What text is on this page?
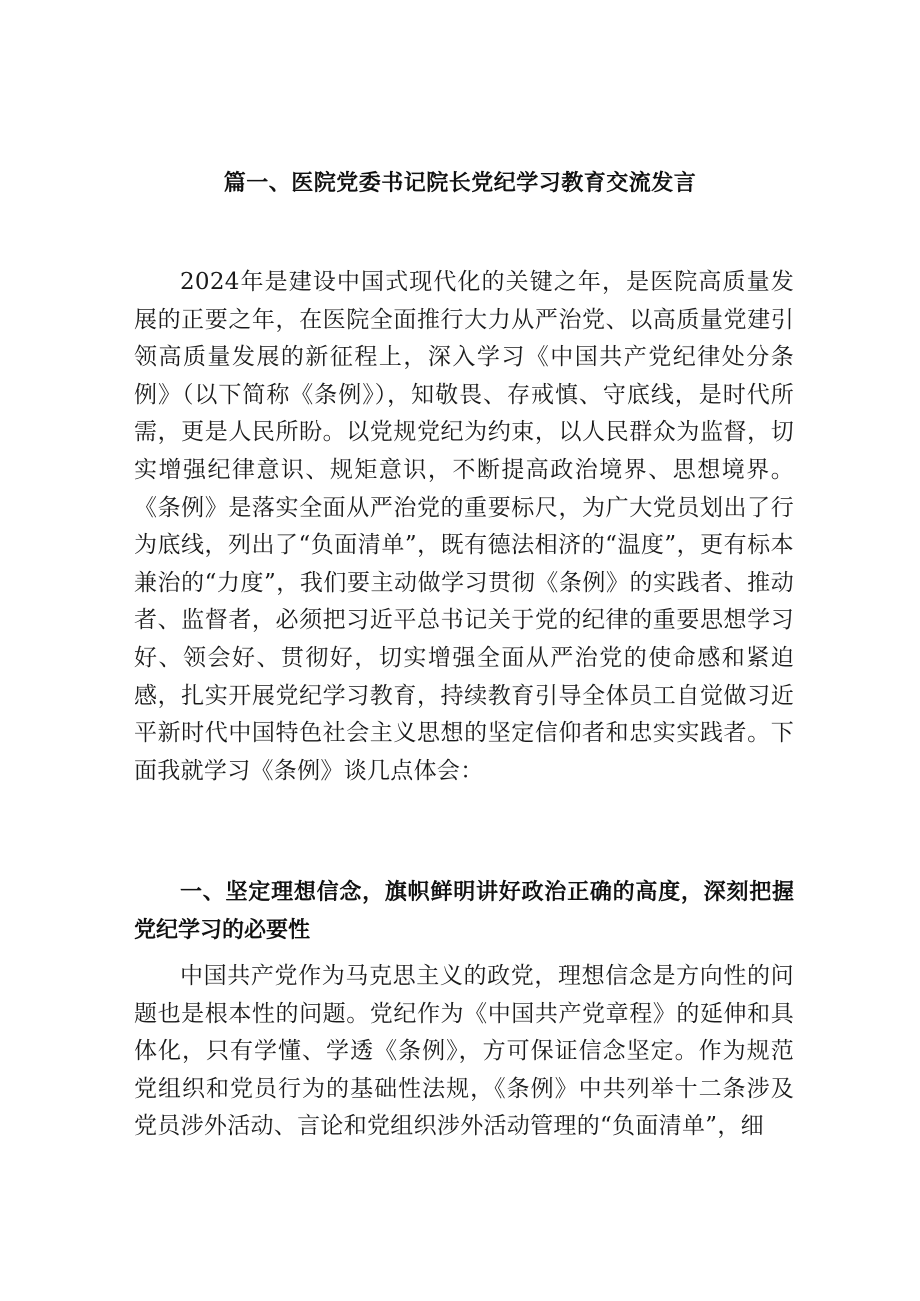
篇一、医院党委书记院长党纪学习教育交流发言

2024年是建设中国式现代化的关键之年，是医院高质量发展的正要之年，在医院全面推行大力从严治党、以高质量党建引领高质量发展的新征程上，深入学习《中国共产党纪律处分条例》（以下简称《条例》），知敬畏、存戒慎、守底线，是时代所需，更是人民所盼。以党规党纪为约束，以人民群众为监督，切实增强纪律意识、规矩意识，不断提高政治境界、思想境界。《条例》是落实全面从严治党的重要标尺，为广大党员划出了行为底线，列出了“负面清单”，既有德法相济的“温度”，更有标本兼治的“力度”，我们要主动做学习贯彻《条例》的实践者、推动者、监督者，必须把习近平总书记关于党的纪律的重要思想学习好、领会好、贯彻好，切实增强全面从严治党的使命感和紧迫感，扎实开展党纪学习教育，持续教育引导全体员工自觉做习近平新时代中国特色社会主义思想的坚定信仰者和忠实实践者。下面我就学习《条例》谈几点体会：

一、坚定理想信念，旗帜鲜明讲好政治正确的高度，深刻把握党纪学习的必要性

中国共产党作为马克思主义的政党，理想信念是方向性的问题也是根本性的问题。党纪作为《中国共产党章程》的延伸和具体化，只有学懂、学透《条例》，方可保证信念坚定。作为规范党组织和党员行为的基础性法规，《条例》中共列举十二条涉及党员涉外活动、言论和党组织涉外活动管理的“负面清单”，细
